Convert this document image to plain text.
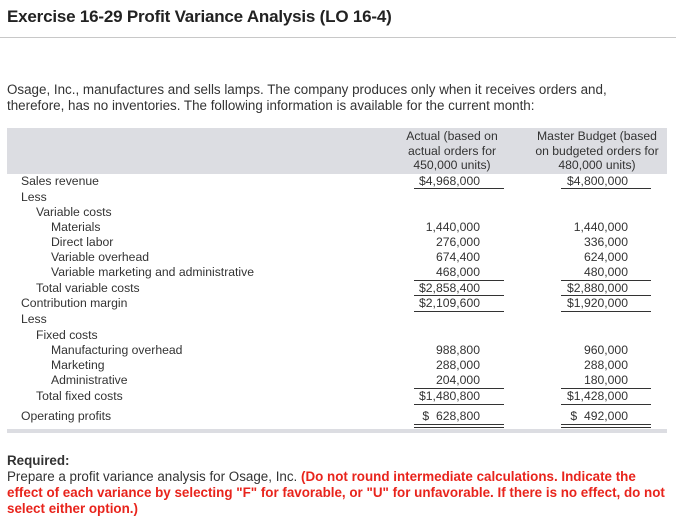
Exercise 16-29 Profit Variance Analysis (LO 16-4)
Osage, Inc., manufactures and sells lamps. The company produces only when it receives orders and,
therefore, has no inventories. The following information is available for the current month:
Actual (based on
actual orders for
450,000 units)
Master Budget (based
on budgeted orders for
480,000 units)
Sales revenue	$4,968,000	$4,800,000
Less
Variable costs
Materials	1,440,000	1,440,000
Direct labor	276,000	336,000
Variable overhead	674,400	624,000
Variable marketing and administrative	468,000	480,000
Total variable costs	$2,858,400	$2,880,000
Contribution margin	$2,109,600	$1,920,000
Less
Fixed costs
Manufacturing overhead	988,800	960,000
Marketing	288,000	288,000
Administrative	204,000	180,000
Total fixed costs	$1,480,800	$1,428,000
Operating profits	$  628,800	$  492,000
Required:
Prepare a profit variance analysis for Osage, Inc. (Do not round intermediate calculations. Indicate the effect of each variance by selecting "F" for favorable, or "U" for unfavorable. If there is no effect, do not select either option.)
